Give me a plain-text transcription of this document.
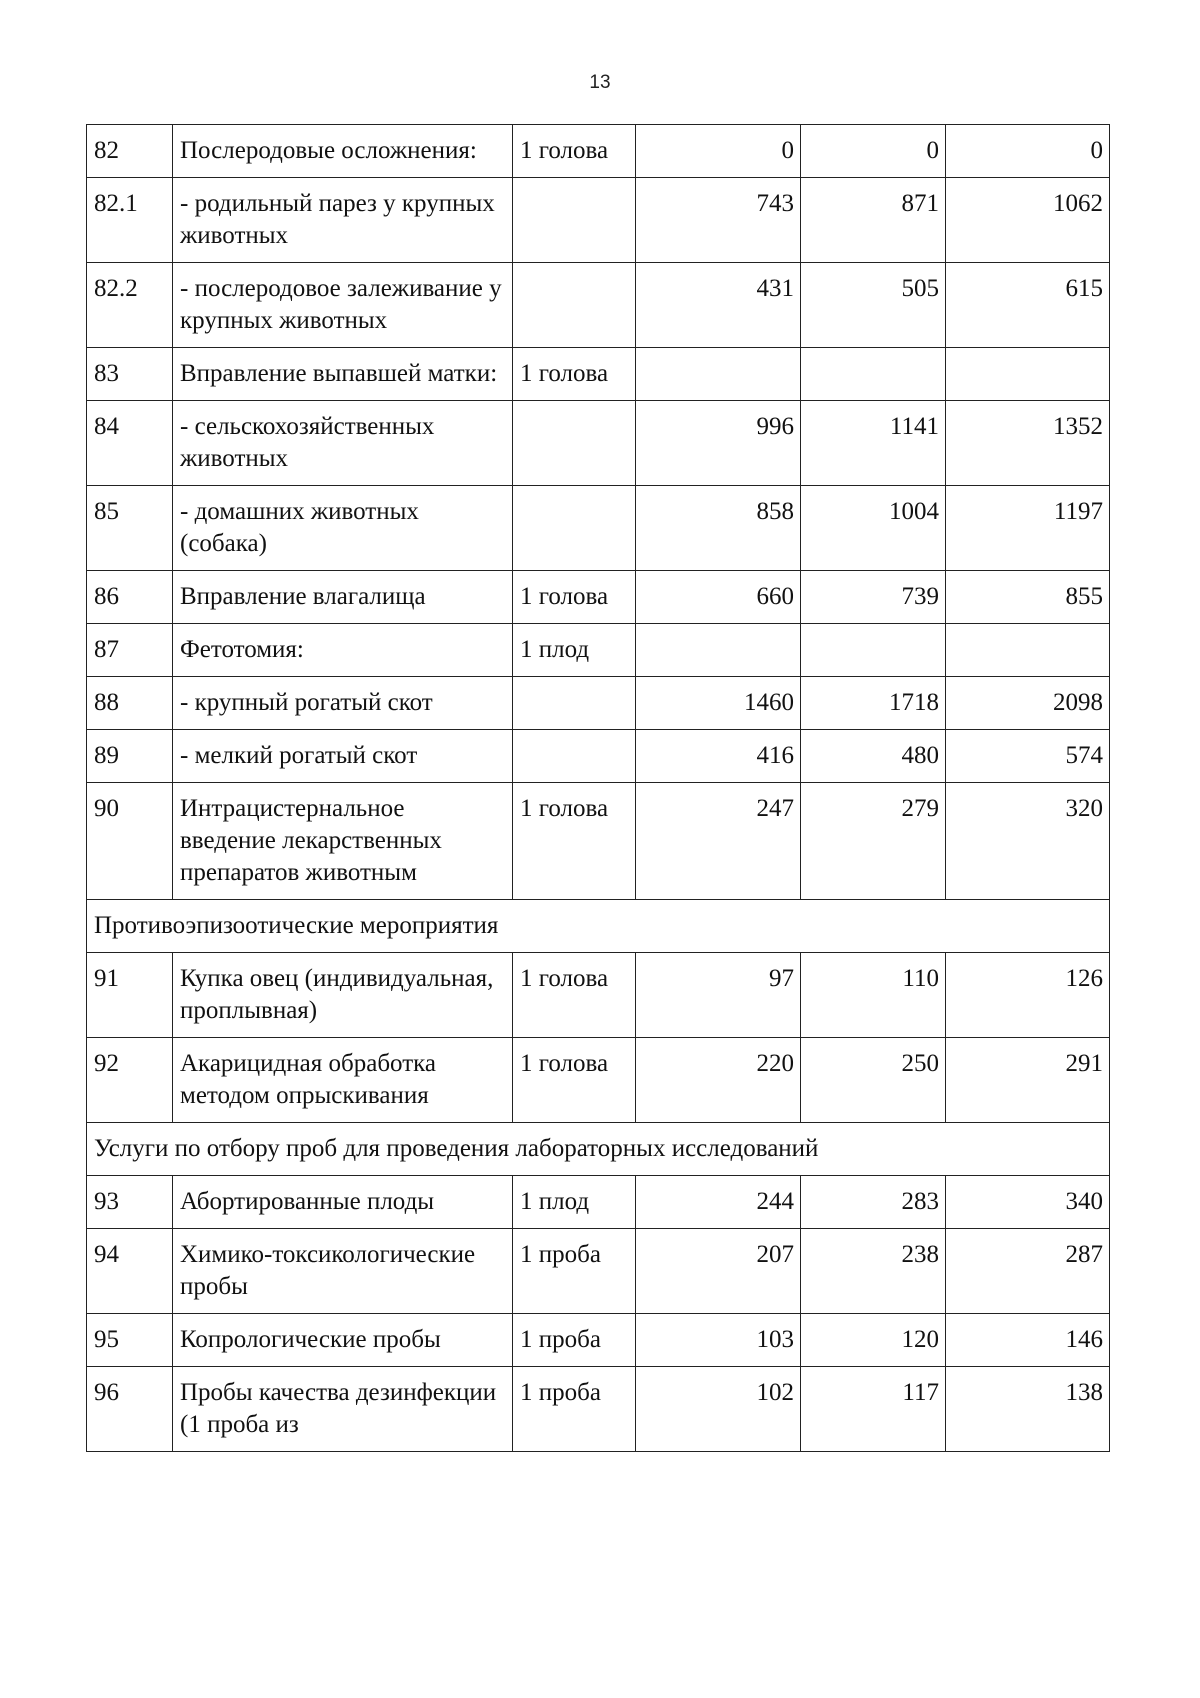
13
82	Послеродовые осложнения:	1 голова	0	0	0
82.1	- родильный парез у крупных животных		743	871	1062
82.2	- послеродовое залеживание у крупных животных		431	505	615
83	Вправление выпавшей матки:	1 голова			
84	- сельскохозяйственных животных		996	1141	1352
85	- домашних животных (собака)		858	1004	1197
86	Вправление влагалища	1 голова	660	739	855
87	Фетотомия:	1 плод			
88	- крупный рогатый скот		1460	1718	2098
89	- мелкий рогатый скот		416	480	574
90	Интрацистернальное введение лекарственных препаратов животным	1 голова	247	279	320
Противоэпизоотические мероприятия					
91	Купка овец (индивидуальная, проплывная)	1 голова	97	110	126
92	Акарицидная обработка методом опрыскивания	1 голова	220	250	291
Услуги по отбору проб для проведения лабораторных исследований					
93	Абортированные плоды	1 плод	244	283	340
94	Химико-токсикологические пробы	1 проба	207	238	287
95	Копрологические пробы	1 проба	103	120	146
96	Пробы качества дезинфекции (1 проба из	1 проба	102	117	138
